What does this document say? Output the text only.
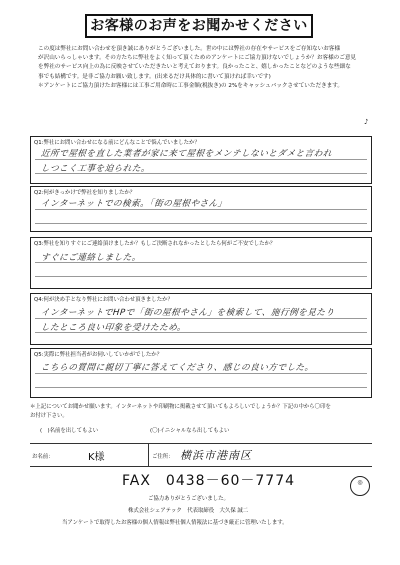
お客様のお声をお聞かせください
この度は弊社にお問い合わせを頂き誠にありがとうございました。世の中には弊社の存在やサービスをご存知ないお客様
が沢山いらっしゃいます。その方たちに弊社をよく知って頂くためのアンケートにご協力頂けないでしょうか？お客様のご意見
を弊社のサービス向上の為に反映させていただきたいと考えております。良かったこと、嬉しかったことなどのような些細な
事でも結構です。是非ご協力お願い致します。(出来るだけ具体的に書いて頂ければ幸いです)
＊アンケートにご協力頂けたお客様には工事ご用命時に工事金額(税抜き)の 2%をキャッシュバックさせていただきます。
♪
Q1:弊社にお問い合わせになる前にどんなことで悩んでいましたか？
近所で屋根を直した業者が家に来て屋根をメンテしないとダメと言われ
しつこく工事を迫られた。
Q2:何がきっかけで弊社を知りましたか？
インターネットでの検索。「街の屋根やさん」
Q3:弊社を知りすぐにご連絡頂けましたか？もしご決断されなかったとしたら何がご不安でしたか？
すぐにご連絡しました。
Q4:何が決め手となり弊社にお問い合わせ頂きましたか？
インターネットでHPで「街の屋根やさん」を検索して、施行例を見たり
したところ良い印象を受けたため。
Q5:実際に弊社担当者がお伺いしていかがでしたか？
こちらの質問に親切丁寧に答えてくださり、感じの良い方でした。
＊上記についてお聞かせ願います。インターネットや印刷物に掲載させて頂いてもよろしいでしょうか？下記の中から〇印を
お付け下さい。
(　)名前を出してもよい	(〇)イニシャルなら出してもよい
お名前：	K様	ご住所： 横浜市港南区
FAX　0438－60－7774	◎
ご協力ありがとうございました。
株式会社シェアテック　代表取締役　大久保 誠二
当アンケートで取得したお客様の個人情報は弊社個人情報法に基づき厳正に管理いたします。
